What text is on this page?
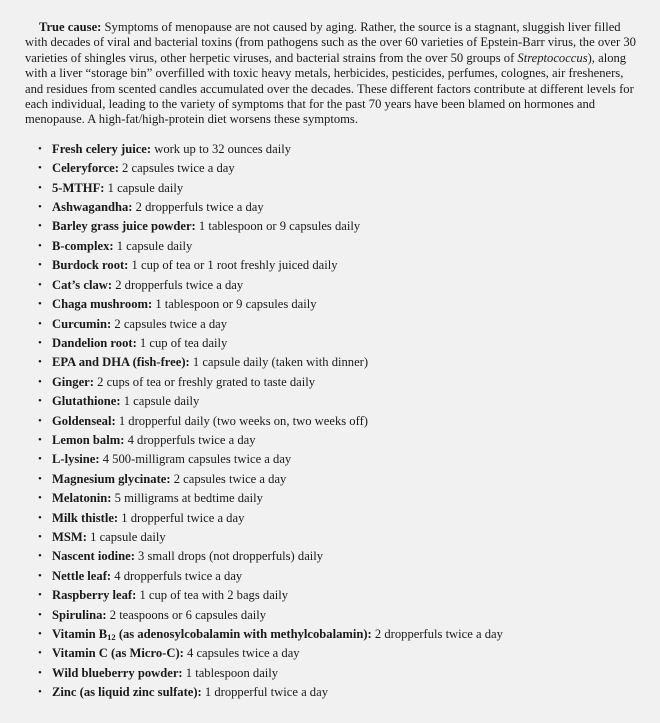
True cause: Symptoms of menopause are not caused by aging. Rather, the source is a stagnant, sluggish liver filled with decades of viral and bacterial toxins (from pathogens such as the over 60 varieties of Epstein-Barr virus, the over 30 varieties of shingles virus, other herpetic viruses, and bacterial strains from the over 50 groups of Streptococcus), along with a liver “storage bin” overfilled with toxic heavy metals, herbicides, pesticides, perfumes, colognes, air fresheners, and residues from scented candles accumulated over the decades. These different factors contribute at different levels for each individual, leading to the variety of symptoms that for the past 70 years have been blamed on hormones and menopause. A high-fat/high-protein diet worsens these symptoms.

• Fresh celery juice: work up to 32 ounces daily
• Celeryforce: 2 capsules twice a day
• 5-MTHF: 1 capsule daily
• Ashwagandha: 2 dropperfuls twice a day
• Barley grass juice powder: 1 tablespoon or 9 capsules daily
• B-complex: 1 capsule daily
• Burdock root: 1 cup of tea or 1 root freshly juiced daily
• Cat’s claw: 2 dropperfuls twice a day
• Chaga mushroom: 1 tablespoon or 9 capsules daily
• Curcumin: 2 capsules twice a day
• Dandelion root: 1 cup of tea daily
• EPA and DHA (fish-free): 1 capsule daily (taken with dinner)
• Ginger: 2 cups of tea or freshly grated to taste daily
• Glutathione: 1 capsule daily
• Goldenseal: 1 dropperful daily (two weeks on, two weeks off)
• Lemon balm: 4 dropperfuls twice a day
• L-lysine: 4 500-milligram capsules twice a day
• Magnesium glycinate: 2 capsules twice a day
• Melatonin: 5 milligrams at bedtime daily
• Milk thistle: 1 dropperful twice a day
• MSM: 1 capsule daily
• Nascent iodine: 3 small drops (not dropperfuls) daily
• Nettle leaf: 4 dropperfuls twice a day
• Raspberry leaf: 1 cup of tea with 2 bags daily
• Spirulina: 2 teaspoons or 6 capsules daily
• Vitamin $B_{12}$ (as adenosylcobalamin with methylcobalamin): 2 dropperfuls twice a day
• Vitamin C (as Micro-C): 4 capsules twice a day
• Wild blueberry powder: 1 tablespoon daily
• Zinc (as liquid zinc sulfate): 1 dropperful twice a day
